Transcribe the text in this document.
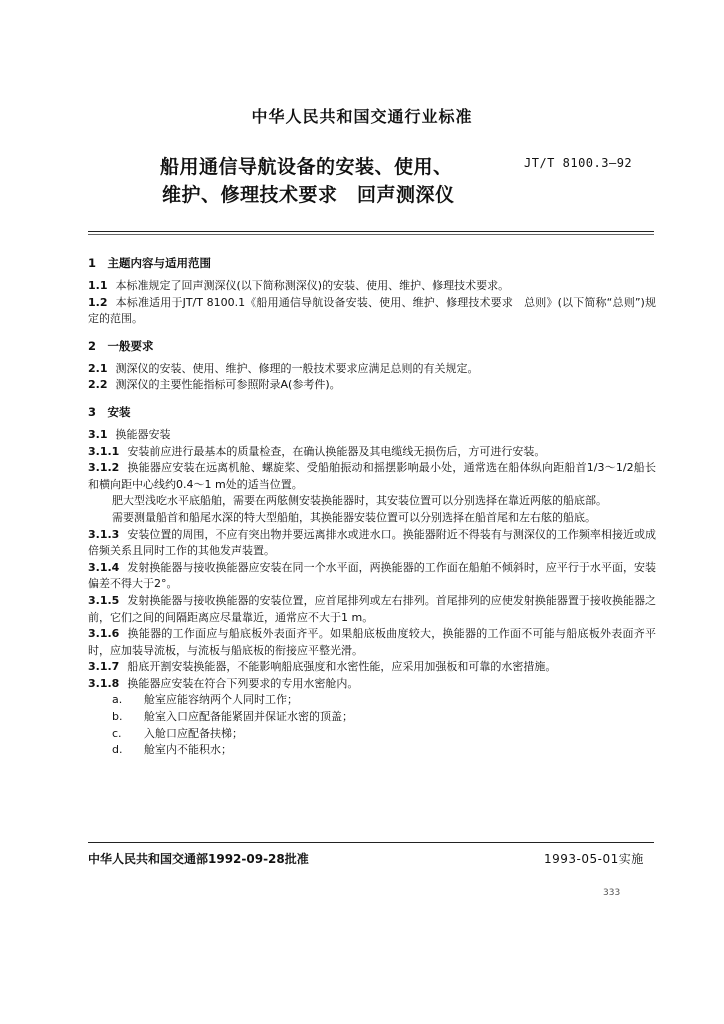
中华人民共和国交通行业标准
船用通信导航设备的安装、使用、
维护、修理技术要求　回声测深仪
JT/T 8100.3—92

1　主题内容与适用范围

1.1 本标准规定了回声测深仪(以下简称测深仪)的安装、使用、维护、修理技术要求。

1.2 本标准适用于JT/T 8100.1《船用通信导航设备安装、使用、维护、修理技术要求　总则》(以下简称“总则”)规定的范围。

2　一般要求

2.1 测深仪的安装、使用、维护、修理的一般技术要求应满足总则的有关规定。

2.2 测深仪的主要性能指标可参照附录A(参考件)。

3　安装

3.1 换能器安装

3.1.1 安装前应进行最基本的质量检查，在确认换能器及其电缆线无损伤后，方可进行安装。

3.1.2 换能器应安装在远离机舱、螺旋桨、受船舶振动和摇摆影响最小处，通常选在船体纵向距船首1/3～1/2船长和横向距中心线约0.4～1 m处的适当位置。

肥大型浅吃水平底船舶，需要在两舷侧安装换能器时，其安装位置可以分别选择在靠近两舷的船底部。

需要测量船首和船尾水深的特大型船舶，其换能器安装位置可以分别选择在船首尾和左右舷的船底。

3.1.3 安装位置的周围，不应有突出物并要远离排水或进水口。换能器附近不得装有与测深仪的工作频率相接近或成倍频关系且同时工作的其他发声装置。

3.1.4 发射换能器与接收换能器应安装在同一个水平面，两换能器的工作面在船舶不倾斜时，应平行于水平面，安装偏差不得大于2°。

3.1.5 发射换能器与接收换能器的安装位置，应首尾排列或左右排列。首尾排列的应使发射换能器置于接收换能器之前，它们之间的间隔距离应尽量靠近，通常应不大于1 m。

3.1.6 换能器的工作面应与船底板外表面齐平。如果船底板曲度较大，换能器的工作面不可能与船底板外表面齐平时，应加装导流板，与流板与船底板的衔接应平整光滑。

3.1.7 船底开割安装换能器，不能影响船底强度和水密性能，应采用加强板和可靠的水密措施。

3.1.8 换能器应安装在符合下列要求的专用水密舱内。

a.	舱室应能容纳两个人同时工作；
b.	舱室入口应配备能紧固并保证水密的顶盖；
c.	入舱口应配备扶梯；
d.	舱室内不能积水；
中华人民共和国交通部1992-09-28批准	1993-05-01实施
333
